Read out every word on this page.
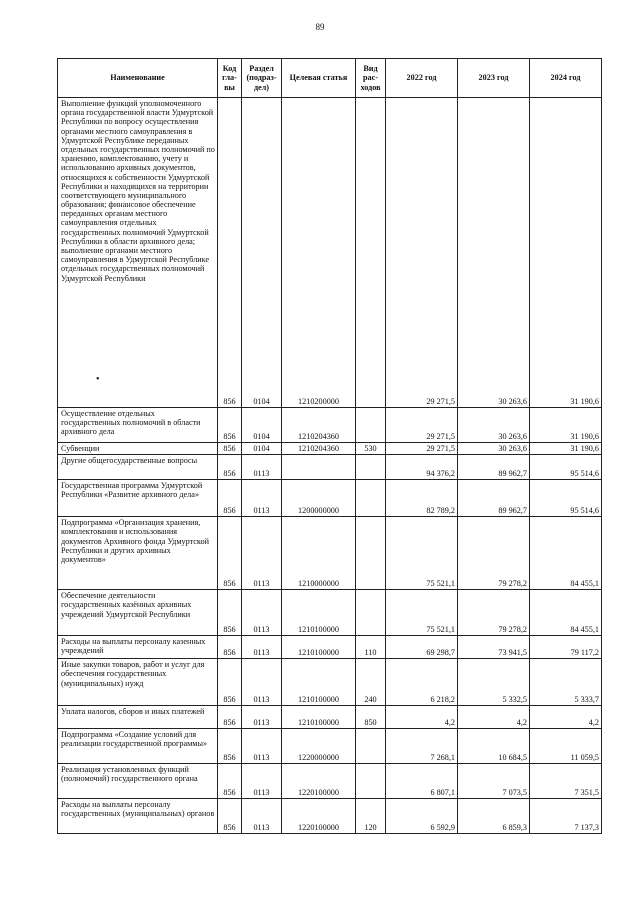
89
Наименование	Код гла-вы	Раздел (подраз-дел)	Целевая статья	Вид рас-ходов	2022 год	2023 год	2024 год
Выполнение функций уполномоченного органа государственной власти Удмуртской Республики по вопросу осуществления органами местного самоуправления в Удмуртской Республике переданных отдельных государственных полномочий по хранению, комплектованию, учету и использованию архивных документов, относящихся к собственности Удмуртской Республики и находящихся на территории соответствующего муниципального образования; финансовое обеспечение переданных органам местного самоуправления отдельных государственных полномочий Удмуртской Республики в области архивного дела; выполнение органами местного самоуправления в Удмуртской Республике отдельных государственных полномочий Удмуртской Республики	856	0104	1210200000		29 271,5	30 263,6	31 190,6
Осуществление отдельных государственных полномочий в области архивного дела	856	0104	1210204360		29 271,5	30 263,6	31 190,6
Субвенции	856	0104	1210204360	530	29 271,5	30 263,6	31 190,6
Другие общегосударственные вопросы	856	0113			94 376,2	89 962,7	95 514,6
Государственная программа Удмуртской Республики «Развитие архивного дела»	856	0113	1200000000		82 789,2	89 962,7	95 514,6
Подпрограмма «Организация хранения, комплектования и использования документов Архивного фонда Удмуртской Республики и других архивных документов»	856	0113	1210000000		75 521,1	79 278,2	84 455,1
Обеспечение деятельности государственных казённых архивных учреждений Удмуртской Республики	856	0113	1210100000		75 521,1	79 278,2	84 455,1
Расходы на выплаты персоналу казенных учреждений	856	0113	1210100000	110	69 298,7	73 941,5	79 117,2
Иные закупки товаров, работ и услуг для обеспечения государственных (муниципальных) нужд	856	0113	1210100000	240	6 218,2	5 332,5	5 333,7
Уплата налогов, сборов и иных платежей	856	0113	1210100000	850	4,2	4,2	4,2
Подпрограмма «Создание условий для реализации государственной программы»	856	0113	1220000000		7 268,1	10 684,5	11 059,5
Реализация установленных функций (полномочий) государственного органа	856	0113	1220100000		6 807,1	7 073,5	7 351,5
Расходы на выплаты персоналу государственных (муниципальных) органов	856	0113	1220100000	120	6 592,9	6 859,3	7 137,3
•
